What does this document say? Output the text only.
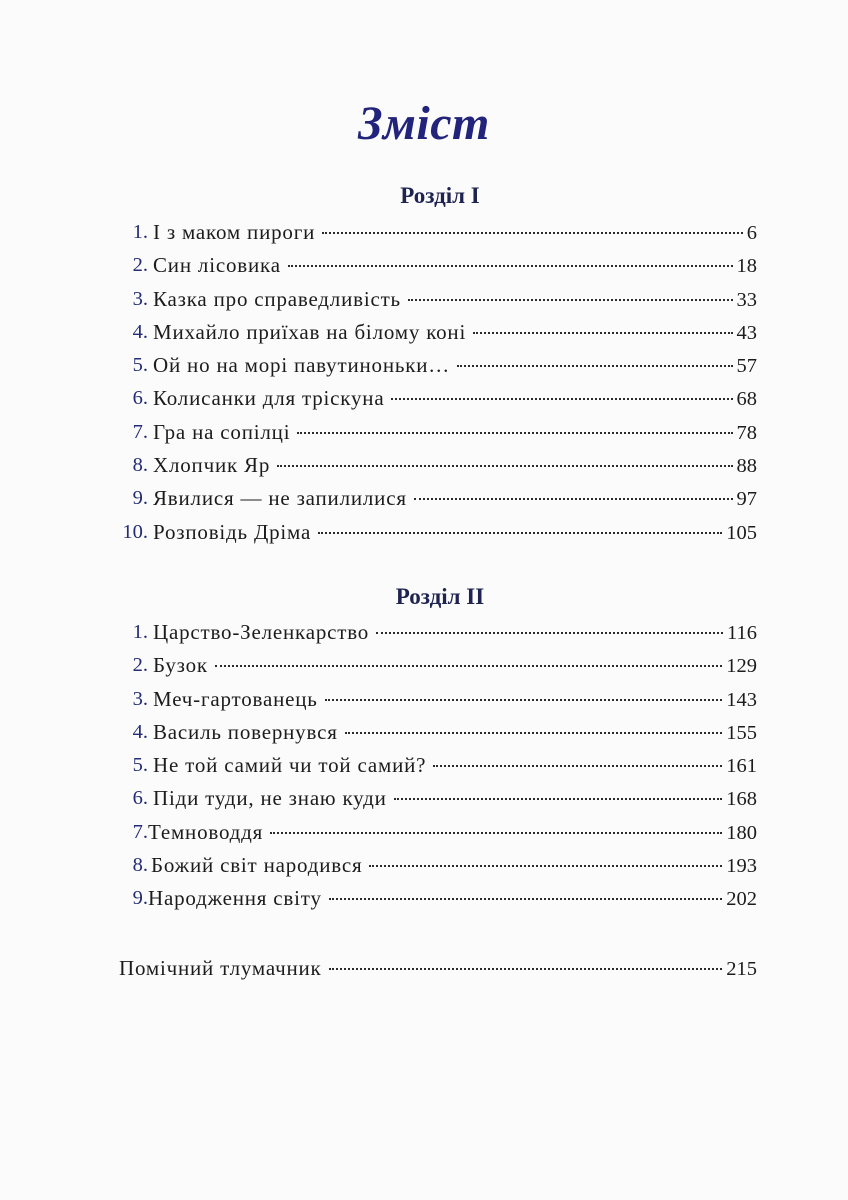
Зміст
Розділ I
1. І з маком пироги	6
2. Син лісовика	18
3. Казка про справедливість	33
4. Михайло приїхав на білому коні	43
5. Ой но на морі павутиноньки…	57
6. Колисанки для тріскуна	68
7. Гра на сопілці	78
8. Хлопчик Яр	88
9. Явилися — не запилилися	97
10. Розповідь Дріма	105
Розділ II
1. Царство-Зеленкарство	116
2. Бузок	129
3. Меч-гартованець	143
4. Василь повернувся	155
5. Не той самий чи той самий?	161
6. Піди туди, не знаю куди	168
7. Темноводдя	180
8. Божий світ народився	193
9. Народження світу	202
Помічний тлумачник	215
